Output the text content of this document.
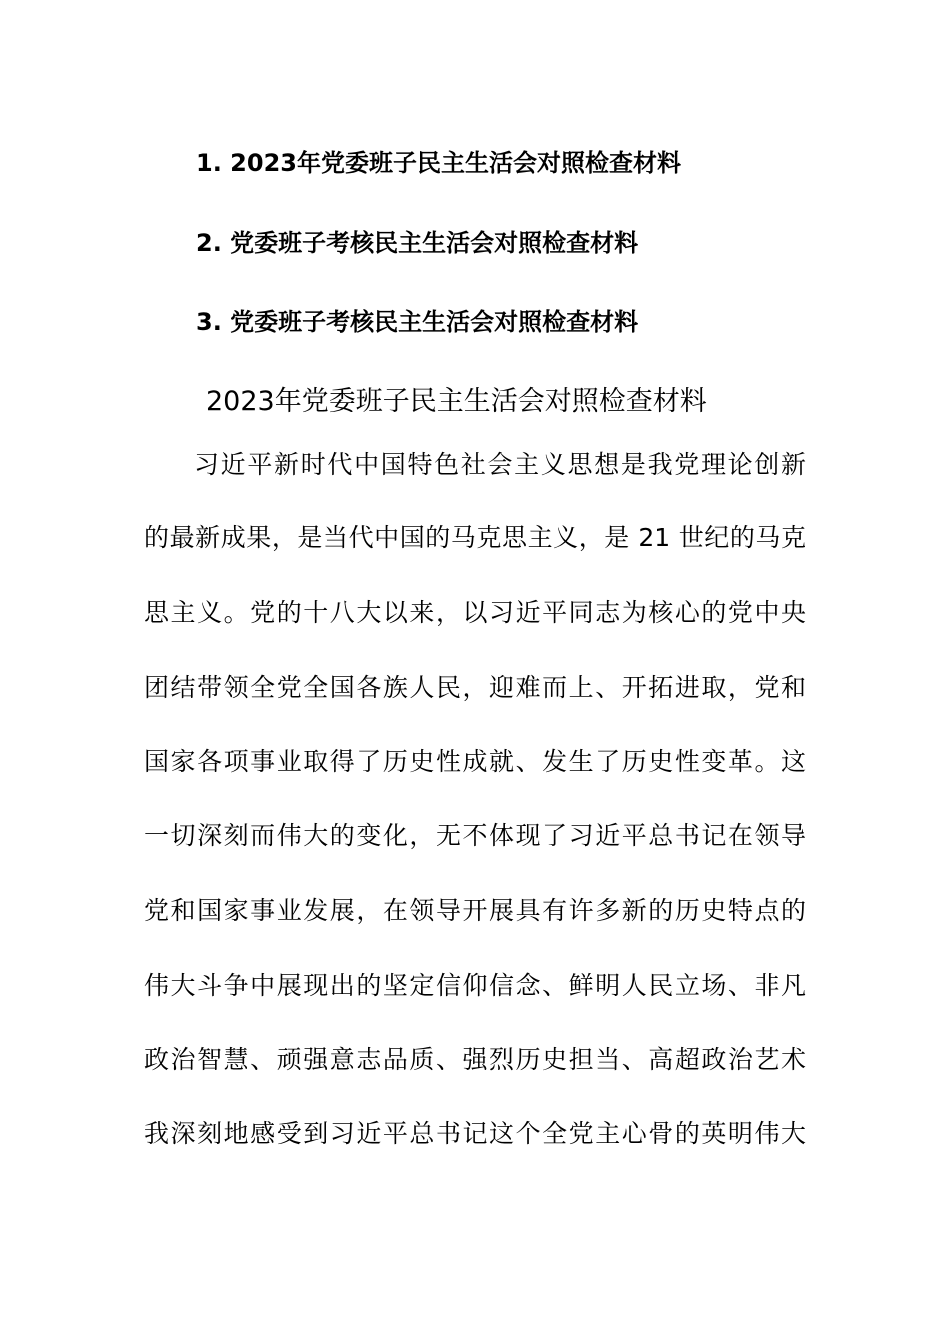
1. 2023年党委班子民主生活会对照检查材料
2. 党委班子考核民主生活会对照检查材料
3. 党委班子考核民主生活会对照检查材料
2023年党委班子民主生活会对照检查材料
习近平新时代中国特色社会主义思想是我党理论创新
的最新成果，是当代中国的马克思主义，是 21 世纪的马克
思主义。党的十八大以来，以习近平同志为核心的党中央
团结带领全党全国各族人民，迎难而上、开拓进取，党和
国家各项事业取得了历史性成就、发生了历史性变革。这
一切深刻而伟大的变化，无不体现了习近平总书记在领导
党和国家事业发展，在领导开展具有许多新的历史特点的
伟大斗争中展现出的坚定信仰信念、鲜明人民立场、非凡
政治智慧、顽强意志品质、强烈历史担当、高超政治艺术
我深刻地感受到习近平总书记这个全党主心骨的英明伟大
